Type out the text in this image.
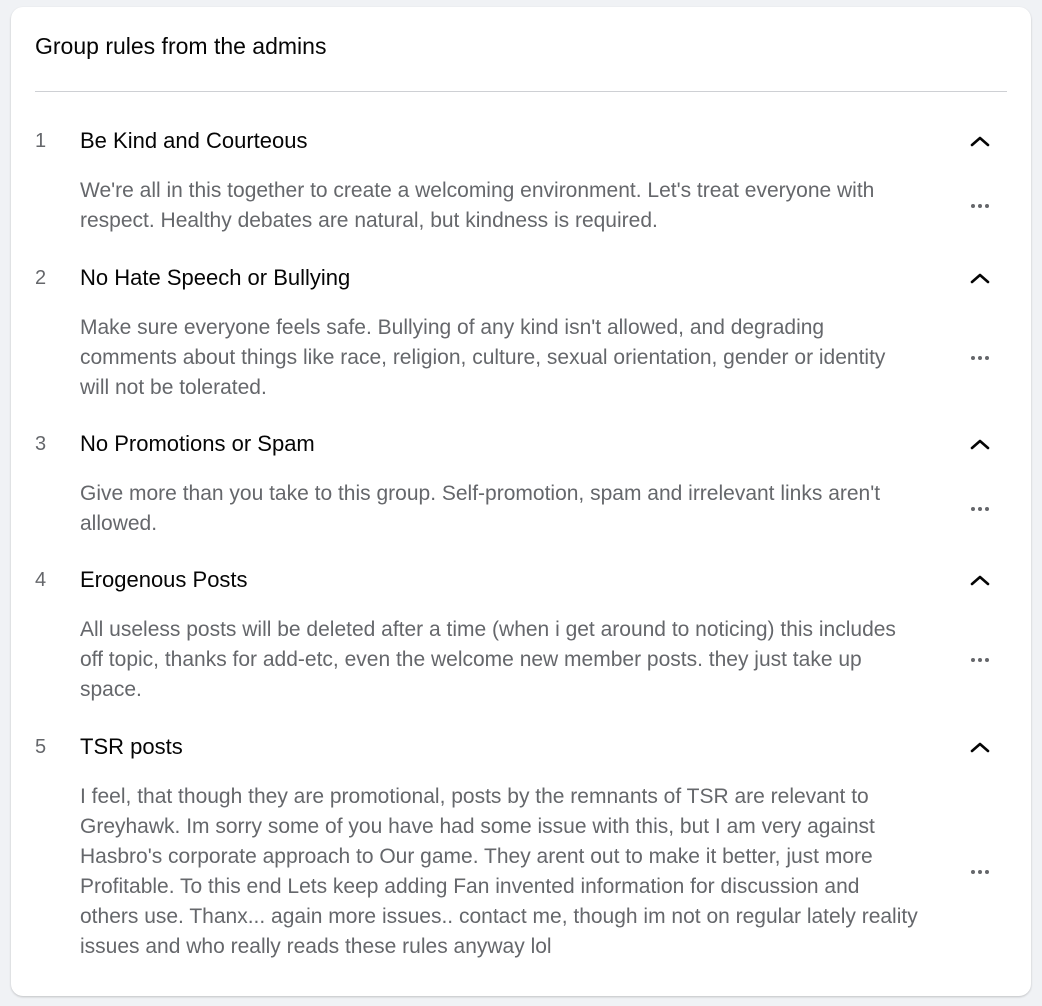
Group rules from the admins
1 Be Kind and Courteous

We're all in this together to create a welcoming environment. Let's treat everyone with respect. Healthy debates are natural, but kindness is required.

2 No Hate Speech or Bullying

Make sure everyone feels safe. Bullying of any kind isn't allowed, and degrading comments about things like race, religion, culture, sexual orientation, gender or identity will not be tolerated.

3 No Promotions or Spam

Give more than you take to this group. Self-promotion, spam and irrelevant links aren't allowed.

4 Erogenous Posts

All useless posts will be deleted after a time (when i get around to noticing) this includes off topic, thanks for add-etc, even the welcome new member posts. they just take up space.

5 TSR posts

I feel, that though they are promotional, posts by the remnants of TSR are relevant to Greyhawk. Im sorry some of you have had some issue with this, but I am very against Hasbro's corporate approach to Our game. They arent out to make it better, just more Profitable. To this end Lets keep adding Fan invented information for discussion and others use. Thanx... again more issues.. contact me, though im not on regular lately reality issues and who really reads these rules anyway lol
